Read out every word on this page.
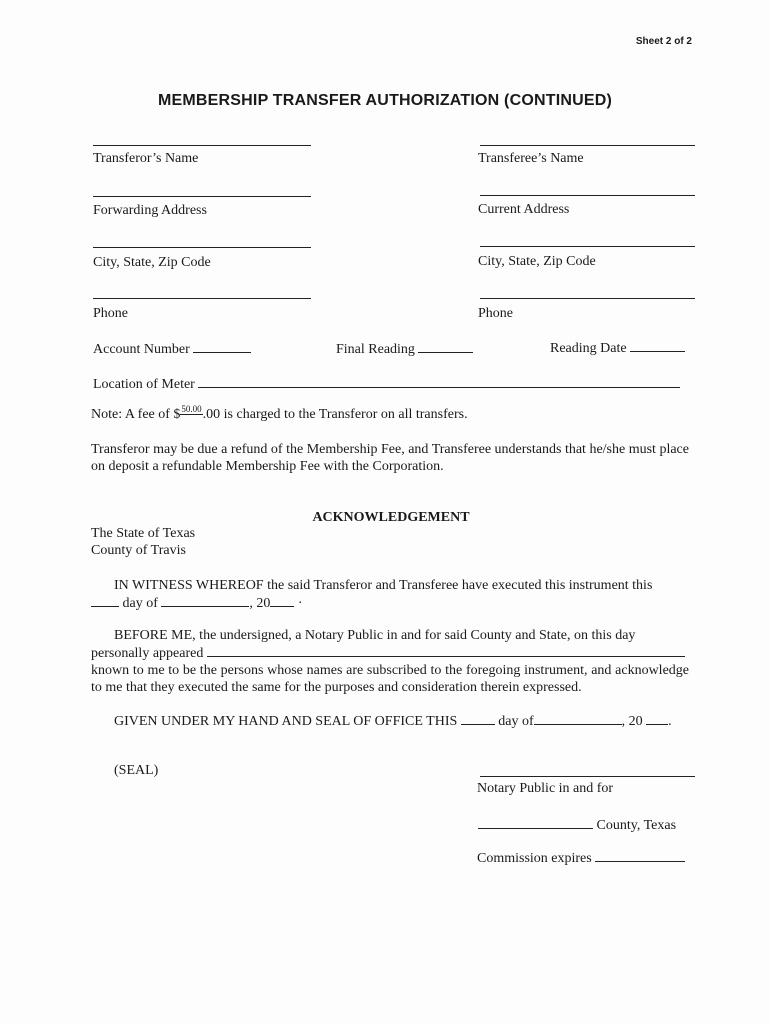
Sheet 2 of 2
MEMBERSHIP TRANSFER AUTHORIZATION (CONTINUED)
Transferor’s Name	Transferee’s Name
Forwarding Address	Current Address
City, State, Zip Code	City, State, Zip Code
Phone	Phone
Account Number	Final Reading	Reading Date
Location of Meter
Note: A fee of \$$^{50.00}$.00 is charged to the Transferor on all transfers.
Transferor may be due a refund of the Membership Fee, and Transferee understands that he/she must place on deposit a refundable Membership Fee with the Corporation.
ACKNOWLEDGEMENT
The State of Texas
County of Travis
IN WITNESS WHEREOF the said Transferor and Transferee have executed this instrument this
day of	, 20 ·
BEFORE ME, the undersigned, a Notary Public in and for said County and State, on this day
personally appeared
known to me to be the persons whose names are subscribed to the foregoing instrument, and acknowledge to me that they executed the same for the purposes and consideration therein expressed.
GIVEN UNDER MY HAND AND SEAL OF OFFICE THIS	day of	, 20 .
(SEAL)
Notary Public in and for
County, Texas
Commission expires
